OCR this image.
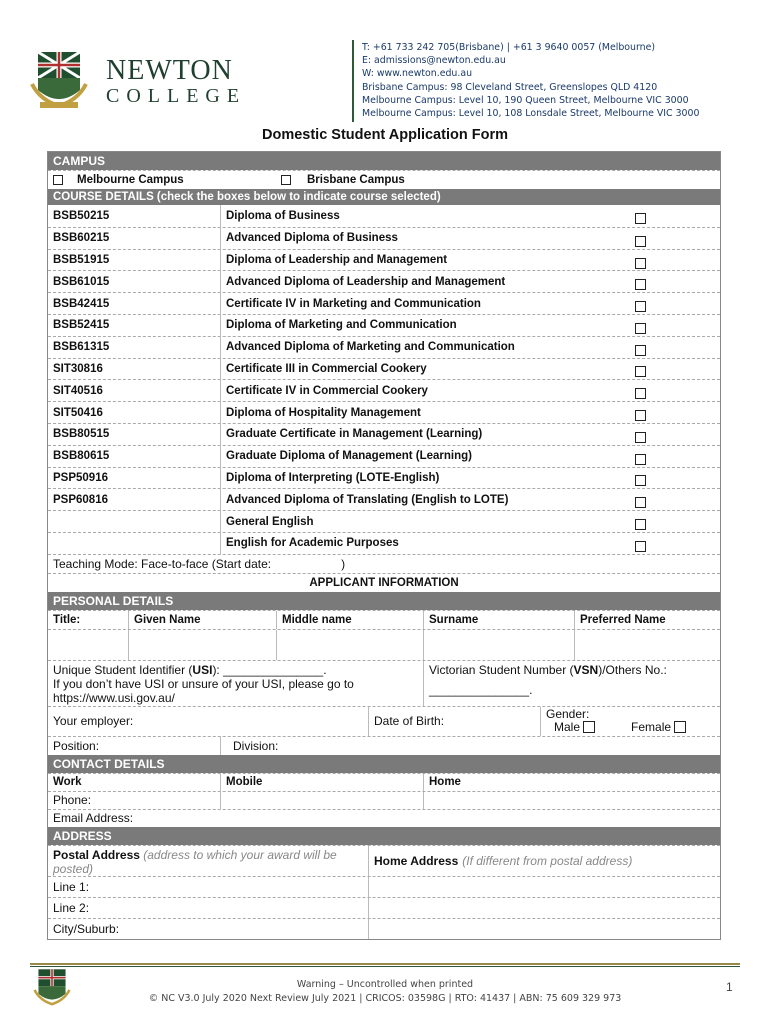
NEWTON
COLLEGE
T: +61 733 242 705(Brisbane) | +61 3 9640 0057 (Melbourne)
E: admissions@newton.edu.au
W: www.newton.edu.au
Brisbane Campus: 98 Cleveland Street, Greenslopes QLD 4120
Melbourne Campus: Level 10, 190 Queen Street, Melbourne VIC 3000
Melbourne Campus: Level 10, 108 Lonsdale Street, Melbourne VIC 3000
Domestic Student Application Form
CAMPUS
Melbourne Campus	Brisbane Campus
COURSE DETAILS (check the boxes below to indicate course selected)
BSB50215	Diploma of Business
BSB60215	Advanced Diploma of Business
BSB51915	Diploma of Leadership and Management
BSB61015	Advanced Diploma of Leadership and Management
BSB42415	Certificate IV in Marketing and Communication
BSB52415	Diploma of Marketing and Communication
BSB61315	Advanced Diploma of Marketing and Communication
SIT30816	Certificate III in Commercial Cookery
SIT40516	Certificate IV in Commercial Cookery
SIT50416	Diploma of Hospitality Management
BSB80515	Graduate Certificate in Management (Learning)
BSB80615	Graduate Diploma of Management (Learning)
PSP50916	Diploma of Interpreting (LOTE-English)
PSP60816	Advanced Diploma of Translating (English to LOTE)
General English
English for Academic Purposes
Teaching Mode: Face-to-face (Start date:	)
APPLICANT INFORMATION
PERSONAL DETAILS
Title:	Given Name	Middle name	Surname	Preferred Name
Unique Student Identifier (USI): _______________.
If you don’t have USI or unsure of your USI, please go to
https://www.usi.gov.au/
Victorian Student Number (VSN)/Others No.:
_______________.
Your employer:	Date of Birth:
Gender:
Male	Female
Position:	Division:
CONTACT DETAILS
Work	Mobile	Home
Phone:
Email Address:
ADDRESS
Postal Address (address to which your award will be posted)
Home Address (If different from postal address)
Line 1:
Line 2:
City/Suburb:
Warning – Uncontrolled when printed
© NC V3.0 July 2020 Next Review July 2021 | CRICOS: 03598G | RTO: 41437 | ABN: 75 609 329 973
1
